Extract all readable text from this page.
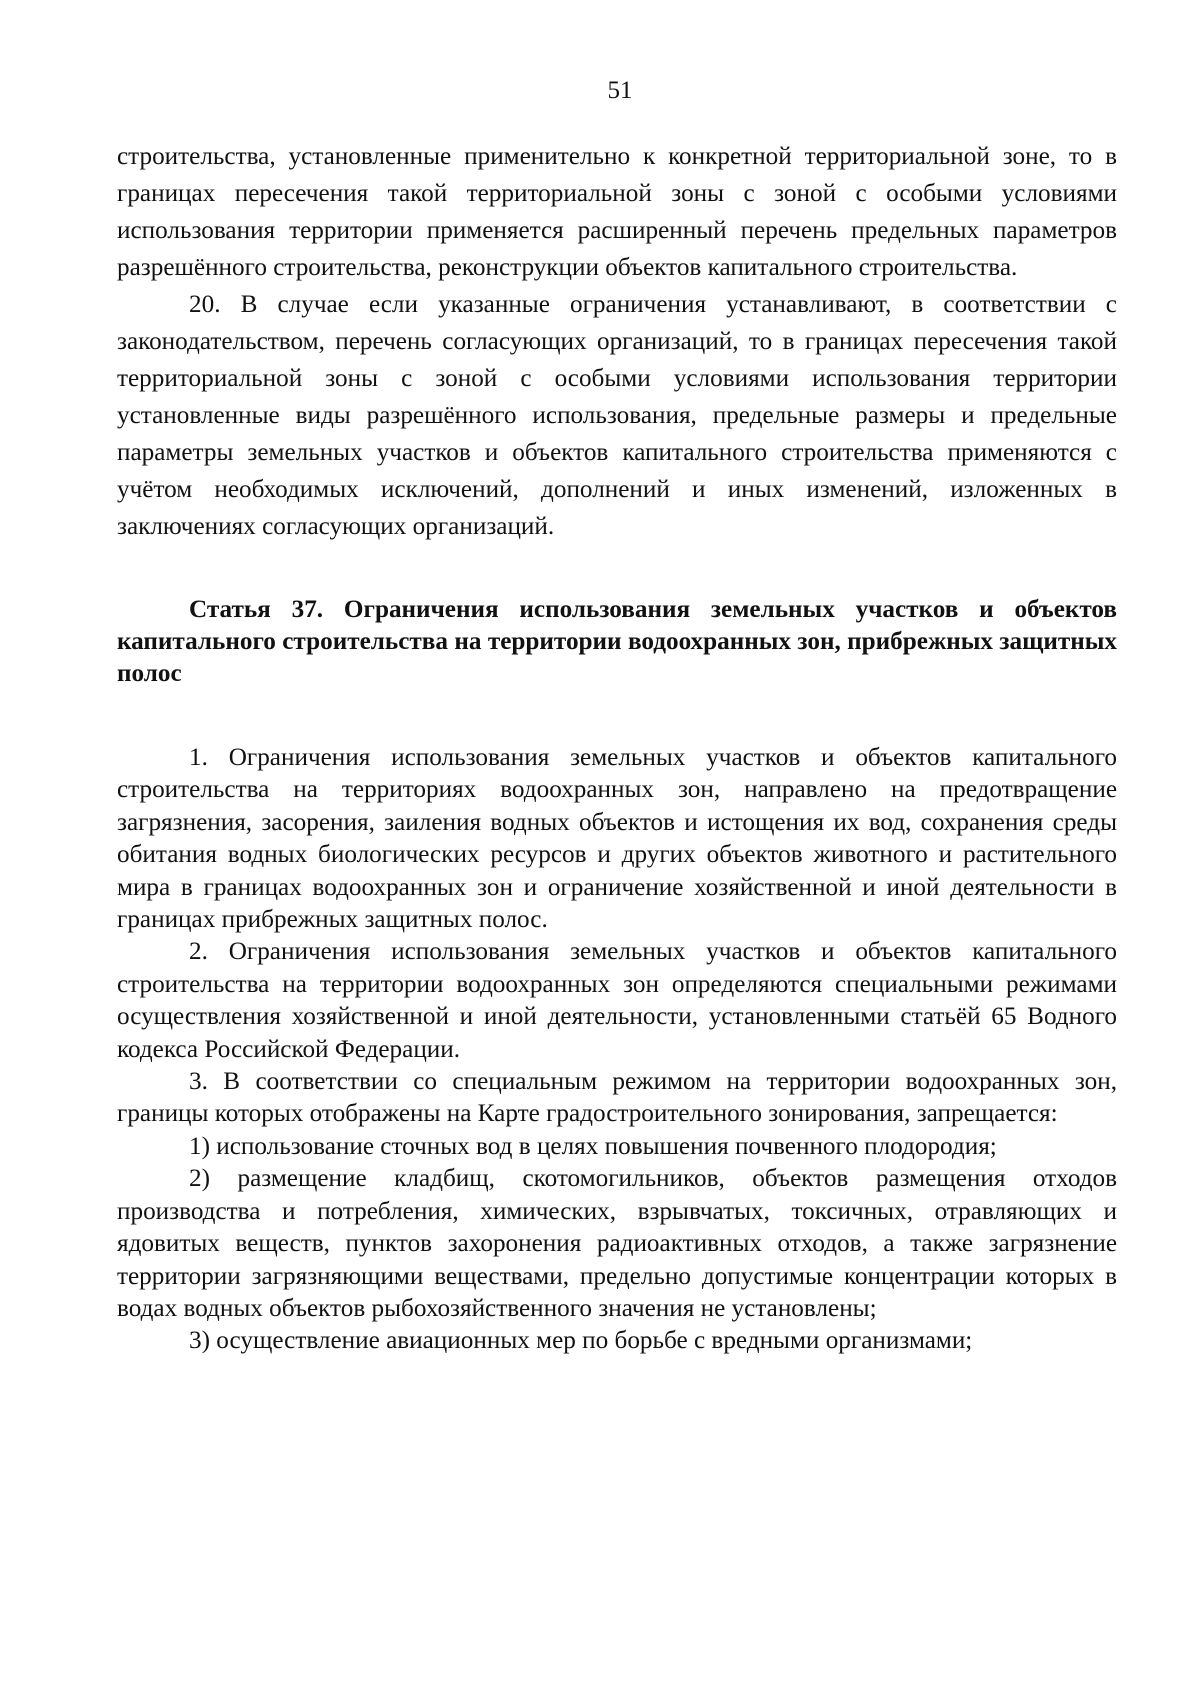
51

строительства, установленные применительно к конкретной территориальной зоне, то в границах пересечения такой территориальной зоны с зоной с особыми условиями использования территории применяется расширенный перечень предельных параметров разрешённого строительства, реконструкции объектов капитального строительства.

20. В случае если указанные ограничения устанавливают, в соответствии с законодательством, перечень согласующих организаций, то в границах пересечения такой территориальной зоны с зоной с особыми условиями использования территории установленные виды разрешённого использования, предельные размеры и предельные параметры земельных участков и объектов капитального строительства применяются с учётом необходимых исключений, дополнений и иных изменений, изложенных в заключениях согласующих организаций.

Статья 37. Ограничения использования земельных участков и объектов капитального строительства на территории водоохранных зон, прибрежных защитных полос

1. Ограничения использования земельных участков и объектов капитального строительства на территориях водоохранных зон, направлено на предотвращение загрязнения, засорения, заиления водных объектов и истощения их вод, сохранения среды обитания водных биологических ресурсов и других объектов животного и растительного мира в границах водоохранных зон и ограничение хозяйственной и иной деятельности в границах прибрежных защитных полос.

2. Ограничения использования земельных участков и объектов капитального строительства на территории водоохранных зон определяются специальными режимами осуществления хозяйственной и иной деятельности, установленными статьёй 65 Водного кодекса Российской Федерации.

3. В соответствии со специальным режимом на территории водоохранных зон, границы которых отображены на Карте градостроительного зонирования, запрещается:

1) использование сточных вод в целях повышения почвенного плодородия;

2) размещение кладбищ, скотомогильников, объектов размещения отходов производства и потребления, химических, взрывчатых, токсичных, отравляющих и ядовитых веществ, пунктов захоронения радиоактивных отходов, а также загрязнение территории загрязняющими веществами, предельно допустимые концентрации которых в водах водных объектов рыбохозяйственного значения не установлены;

3) осуществление авиационных мер по борьбе с вредными организмами;
